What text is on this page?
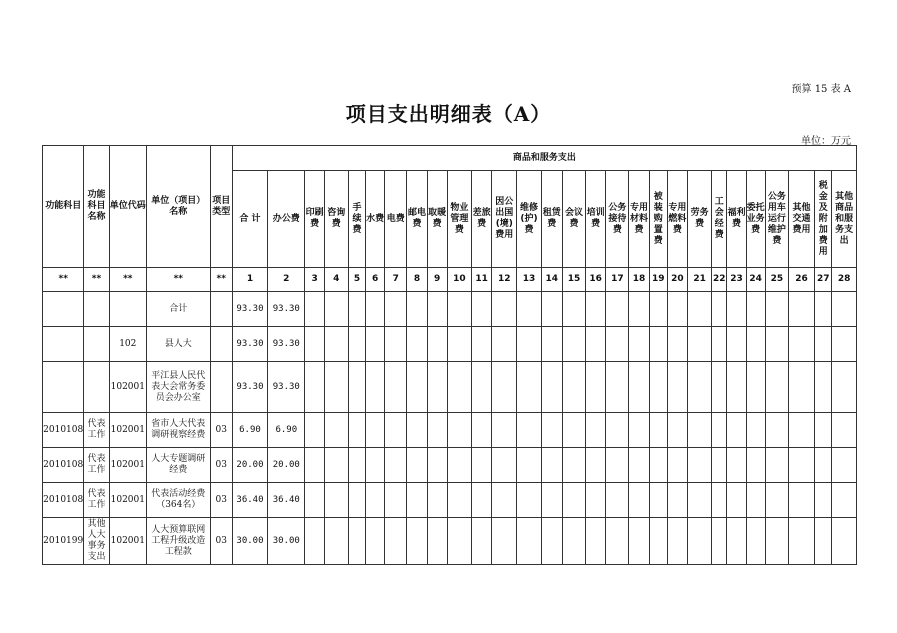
预算 15 表 A
项目支出明细表（A）
单位：万元
功能科目	功能科目名称	单位代码	单位（项目）名称	项目类型	商品和服务支出																											
					合 计	办公费	印刷费	咨询费	手续费	水费	电费	邮电费	取暖费	物业管理费	差旅费	因公出国(境)费用	维修(护)费	租赁费	会议费	培训费	公务接待费	专用材料费	被装购置费	专用燃料费	劳务费	工会经费	福利费	委托业务费	公务用车运行维护费	其他交通费用	税金及附加费用	其他商品和服务支出
**	**	**	**	**	1	2	3	4	5	6	7	8	9	10	11	12	13	14	15	16	17	18	19	20	21	22	23	24	25	26	27	28
			合计		93.30	93.30																										
		102	县人大		93.30	93.30																										
		102001	平江县人民代表大会常务委员会办公室		93.30	93.30																										
2010108	代表工作	102001	省市人大代表调研视察经费	03	6.90	6.90																										
2010108	代表工作	102001	人大专题调研经费	03	20.00	20.00																										
2010108	代表工作	102001	代表活动经费（364名）	03	36.40	36.40																										
2010199	其他人大事务支出	102001	人大预算联网工程升级改造工程款	03	30.00	30.00																										
